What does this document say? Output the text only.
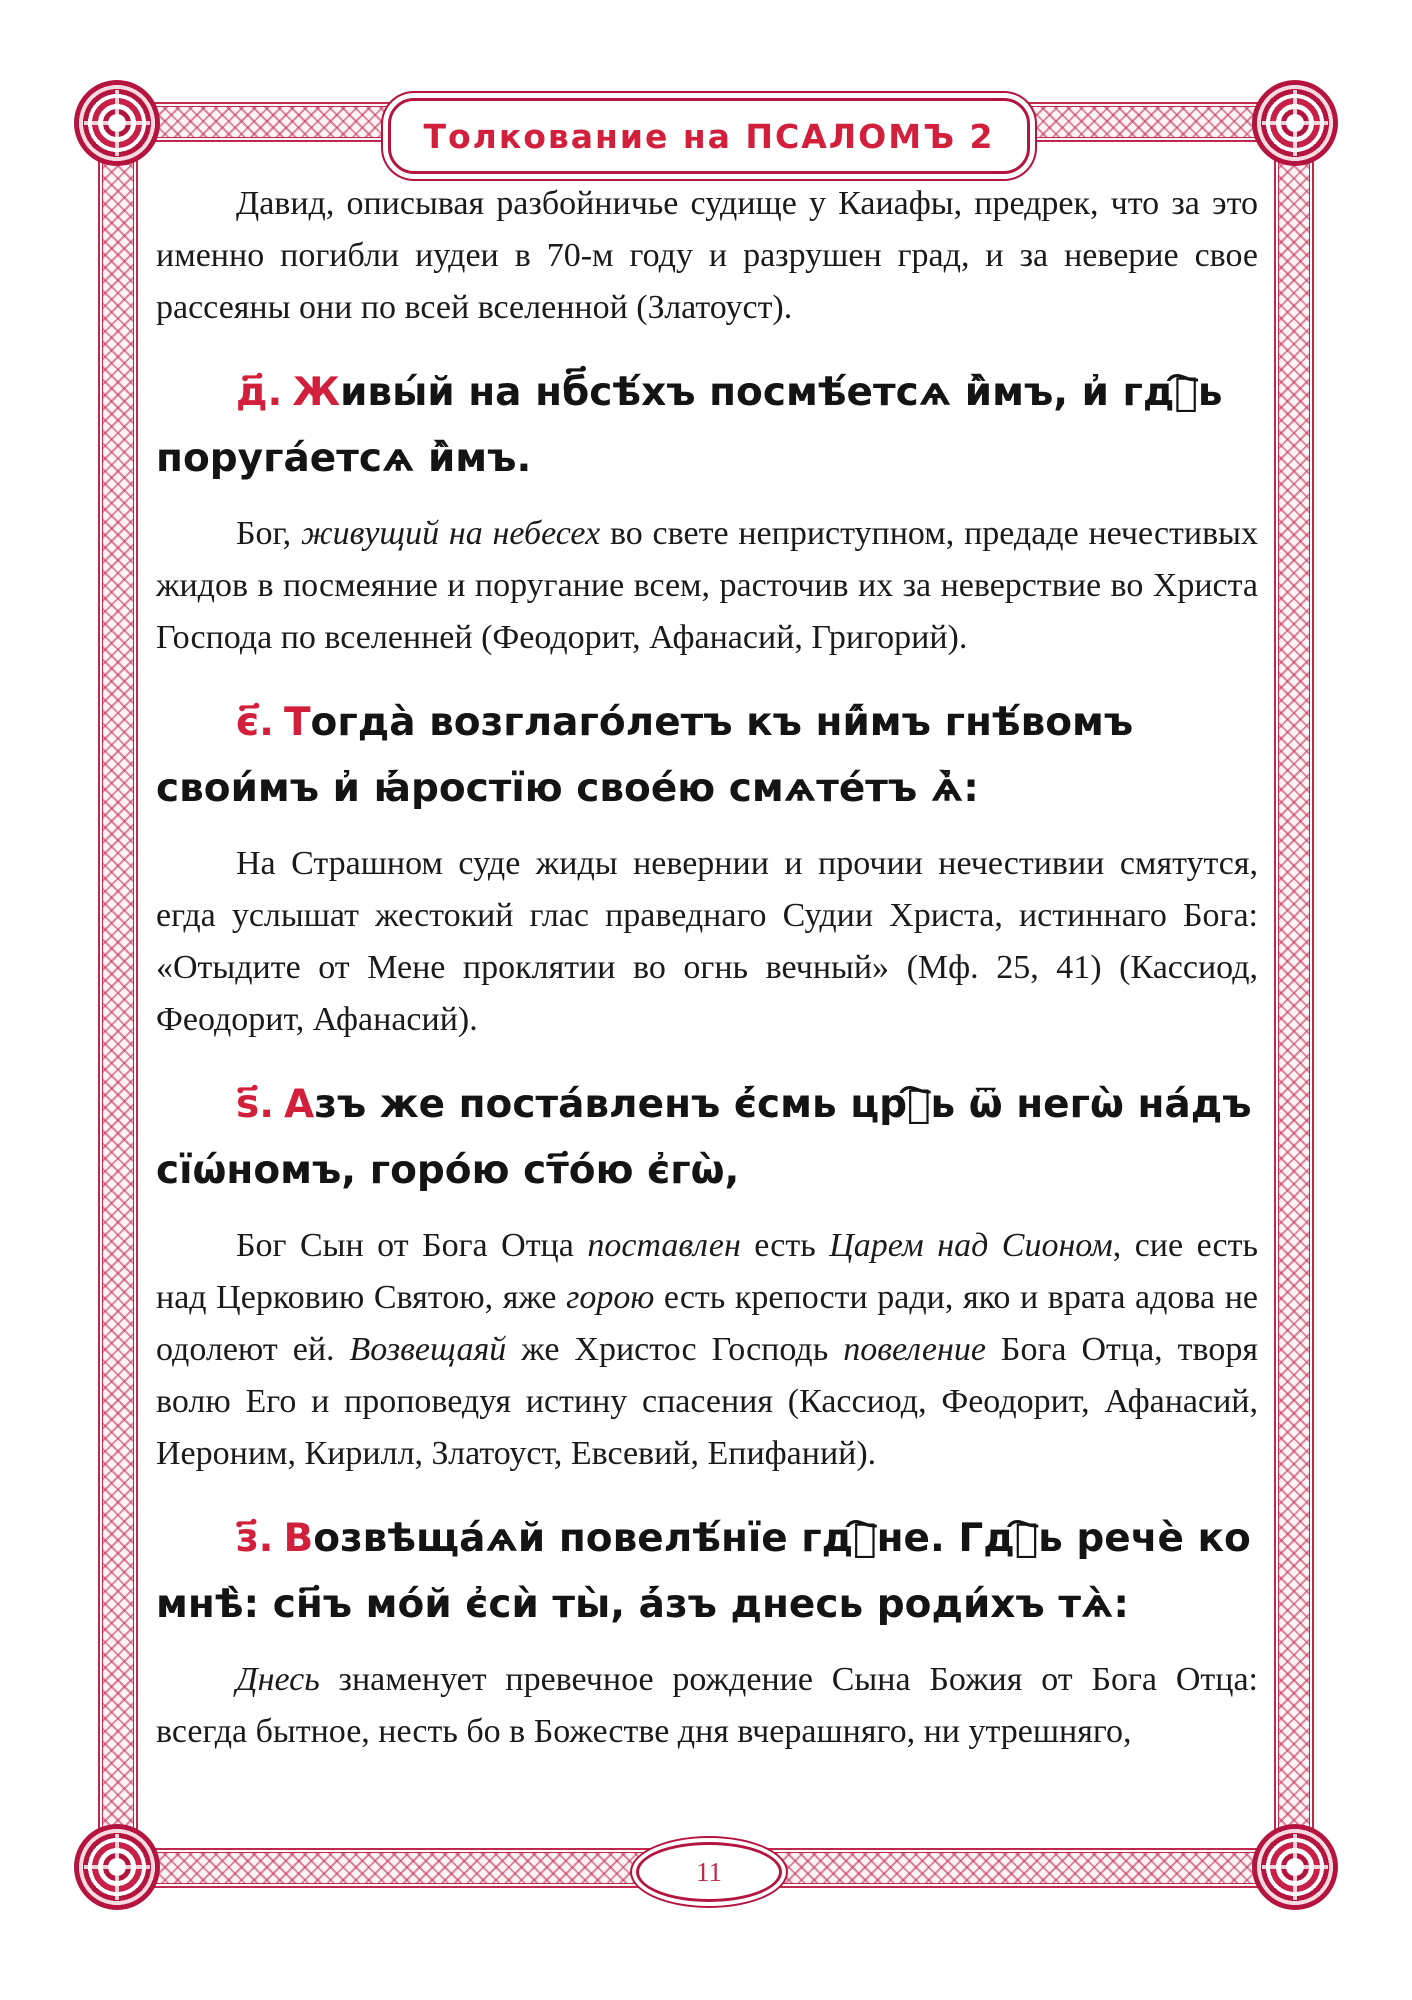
Толкование на ПСАЛОМЪ 2

Давид, описывая разбойничье судище у Каиафы, предрек, что за это именно погибли иудеи в 70-м году и разрушен град, и за неверие свое рассеяны они по всей вселенной (Златоуст).

д҃. Живы́й на нб҃сѣ́хъ посмѣ́етсѧ и̂̀мъ, и҆ гдⷭ҇ь поруга́етсѧ и̂̀мъ.

Бог, живущий на небесех во свете неприступном, предаде нечестивых жидов в посмеяние и поругание всем, расточив их за неверствие во Христа Господа по вселенней (Феодорит, Афанасий, Григорий).

є҃. Тогда̀ возглаго́летъ къ ни̂́мъ гнѣ́вомъ свои́мъ и҆ ꙗ҆́ростїю свое́ю смѧте́тъ ѧ҆̀:

На Страшном суде жиды невернии и прочии нечестивии смятутся, егда услышат жестокий глас праведнаго Судии Христа, истиннаго Бога: «Отыдите от Мене проклятии во огнь вечный» (Мф. 25, 41) (Кассиод, Феодорит, Афанасий).

ѕ҃. Азъ же поста́вленъ є҆́смь црⷭ҇ь ѿ негѡ̀ на́дъ сїѡ́номъ, горо́ю ст҃о́ю є҆гѡ̀,

Бог Сын от Бога Отца поставлен есть Царем над Сионом, сие есть над Церковию Святою, яже горою есть крепости ради, яко и врата адова не одолеют ей. Возвещаяй же Христос Господь повеление Бога Отца, творя волю Его и проповедуя истину спасения (Кассиод, Феодорит, Афанасий, Иероним, Кирилл, Златоуст, Евсевий, Епифаний).

з҃. Возвѣща́ѧй повелѣ́нїе гдⷭ҇не. Гдⷭ҇ь речѐ ко мнѣ̀: сн҃ъ мо́й є҆сѝ ты̀, а҆́зъ днесь роди́хъ тѧ̀:

Днесь знаменует превечное рождение Сына Божия от Бога Отца: всегда бытное, несть бо в Божестве дня вчерашняго, ни утрешняго,

11
